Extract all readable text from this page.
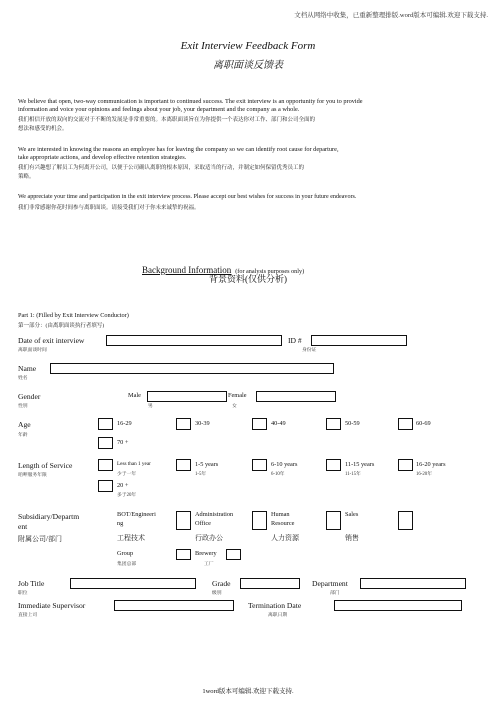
文档从网络中收集，已重新整理排版.word版本可编辑.欢迎下载支持.
Exit Interview Feedback Form
离职面谈反馈表
We believe that open, two-way communication is important to continued success. The exit interview is an opportunity for you to provide
information and voice your opinions and feelings about your job, your department and the company as a whole.
我们相信开放的双向的交流对于不断的发展是非常重要的。本离职面谈旨在为你提供一个表达你对工作、部门和公司全面的
想法和感受的机会。
We are interested in knowing the reasons an employee has for leaving the company so we can identify root cause for departure,
take appropriate actions, and develop effective retention strategies.
我们有兴趣想了解员工为何离开公司，以便于公司确认离职的根本原因，采取适当的行动，并制定如何保留优秀员工的
策略。
We appreciate your time and participation in the exit interview process. Please accept our best wishes for success in your future endeavors.
我们非常感谢你花时间参与离职面谈。请接受我们对于你未来诚挚的祝福。
Background Information (for analysis purposes only)
背景资料(仅供分析)
Part 1: (Filled by Exit Interview Conductor)
第一部分：(由离职面谈执行者填写)
Date of exit interview
离职面谈时间
ID #
身份证
Name
姓名
Gender
性别
Male
男
Female
女
Age
年龄
16-29	30-39	40-49	50-59	60-69
70 +
Length of Service
咱呷服务年限
Less than 1 year
少于一年
1-5 years
1-5年
6-10 years
6-10年
11-15 years
11-15年
16-20 years
16-20年
20 +
多于20年
Subsidiary/Departm
ent
附属公司/部门
BOT/Engineeri
ng
工程技术
Administration
Office
行政办公
Human
Resource
人力资源
Sales
销售
Group
集团总部
Brewery
工厂
Job Title
职位
Grade
级别
Department
部门
Immediate Supervisor
直接上司
Termination Date
离职日期
1word版本可编辑.欢迎下载支持.
